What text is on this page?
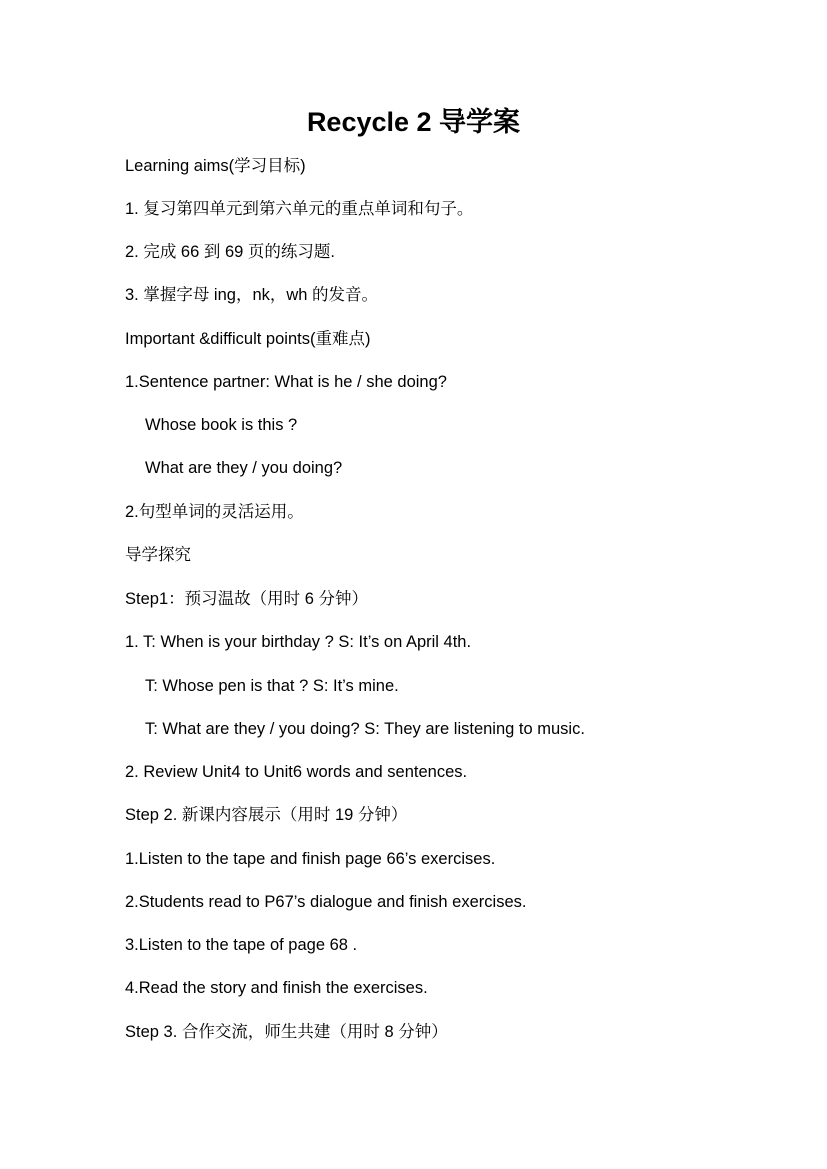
Recycle 2 导学案
Learning aims(学习目标)
1. 复习第四单元到第六单元的重点单词和句子。
2. 完成 66 到 69 页的练习题.
3. 掌握字母 ing，nk，wh 的发音。
Important &difficult points(重难点)
1.Sentence partner: What is he / she doing?
Whose book is this ?
What are they / you doing?
2.句型单词的灵活运用。
导学探究
Step1：预习温故（用时 6 分钟）
1. T: When is your birthday ? S: It’s on April 4th.
T: Whose pen is that ? S: It’s mine.
T: What are they / you doing? S: They are listening to music.
2. Review Unit4 to Unit6 words and sentences.
Step 2. 新课内容展示（用时 19 分钟）
1.Listen to the tape and finish page 66’s exercises.
2.Students read to P67’s dialogue and finish exercises.
3.Listen to the tape of page 68 .
4.Read the story and finish the exercises.
Step 3. 合作交流，师生共建（用时 8 分钟）
